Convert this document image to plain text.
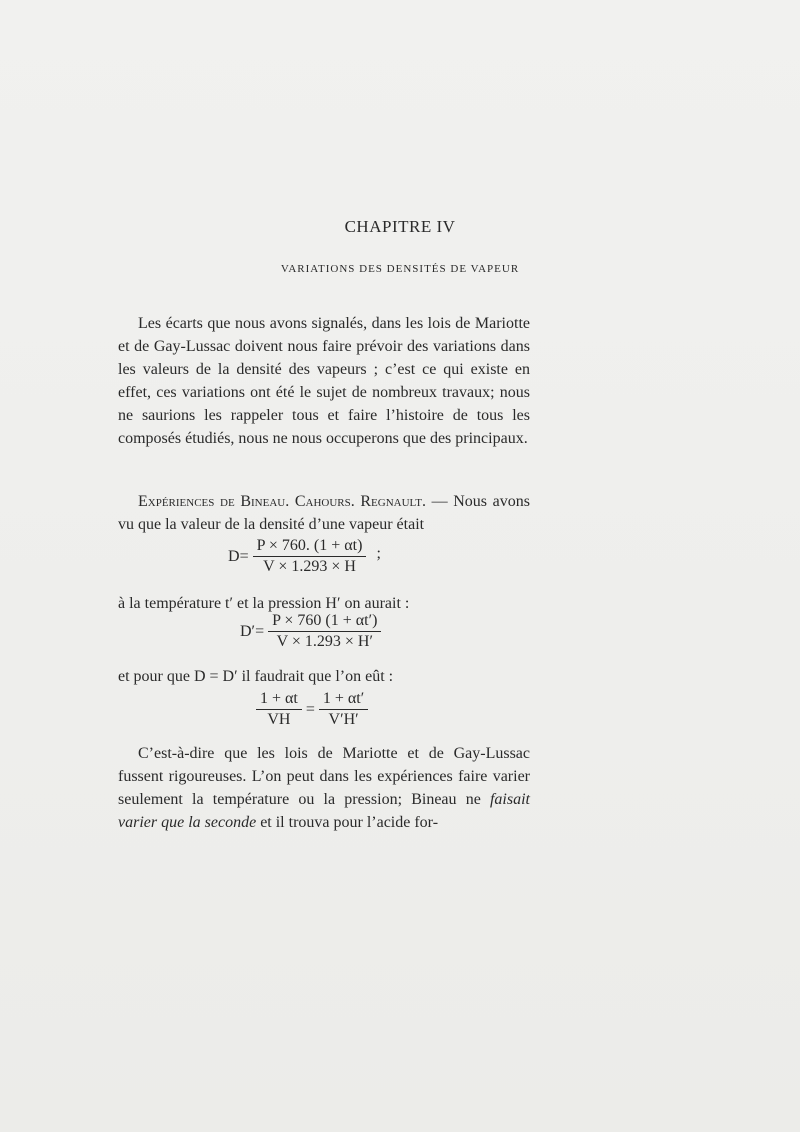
CHAPITRE IV
VARIATIONS DES DENSITÉS DE VAPEUR

Les écarts que nous avons signalés, dans les lois de Mariotte et de Gay-Lussac doivent nous faire prévoir des variations dans les valeurs de la densité des vapeurs ; c’est ce qui existe en effet, ces variations ont été le sujet de nombreux travaux; nous ne saurions les rappeler tous et faire l’histoire de tous les composés étudiés, nous ne nous occuperons que des principaux.

Expériences de Bineau. Cahours. Regnault. — Nous avons vu que la valeur de la densité d’une vapeur était

$D = \frac{P \times 760. (1 + \alpha t)}{V \times 1.293 \times H}$ ;

à la température t′ et la pression H′ on aurait :

$D' = \frac{P \times 760 (1 + \alpha t')}{V \times 1.293 \times H'}$

et pour que D = D′ il faudrait que l’on eût :

$\frac{1 + \alpha t}{VH} = \frac{1 + \alpha t'}{V'H'}$

C’est-à-dire que les lois de Mariotte et de Gay-Lussac fussent rigoureuses. L’on peut dans les expériences faire varier seulement la température ou la pression; Bineau ne faisait varier que la seconde et il trouva pour l’acide for-
